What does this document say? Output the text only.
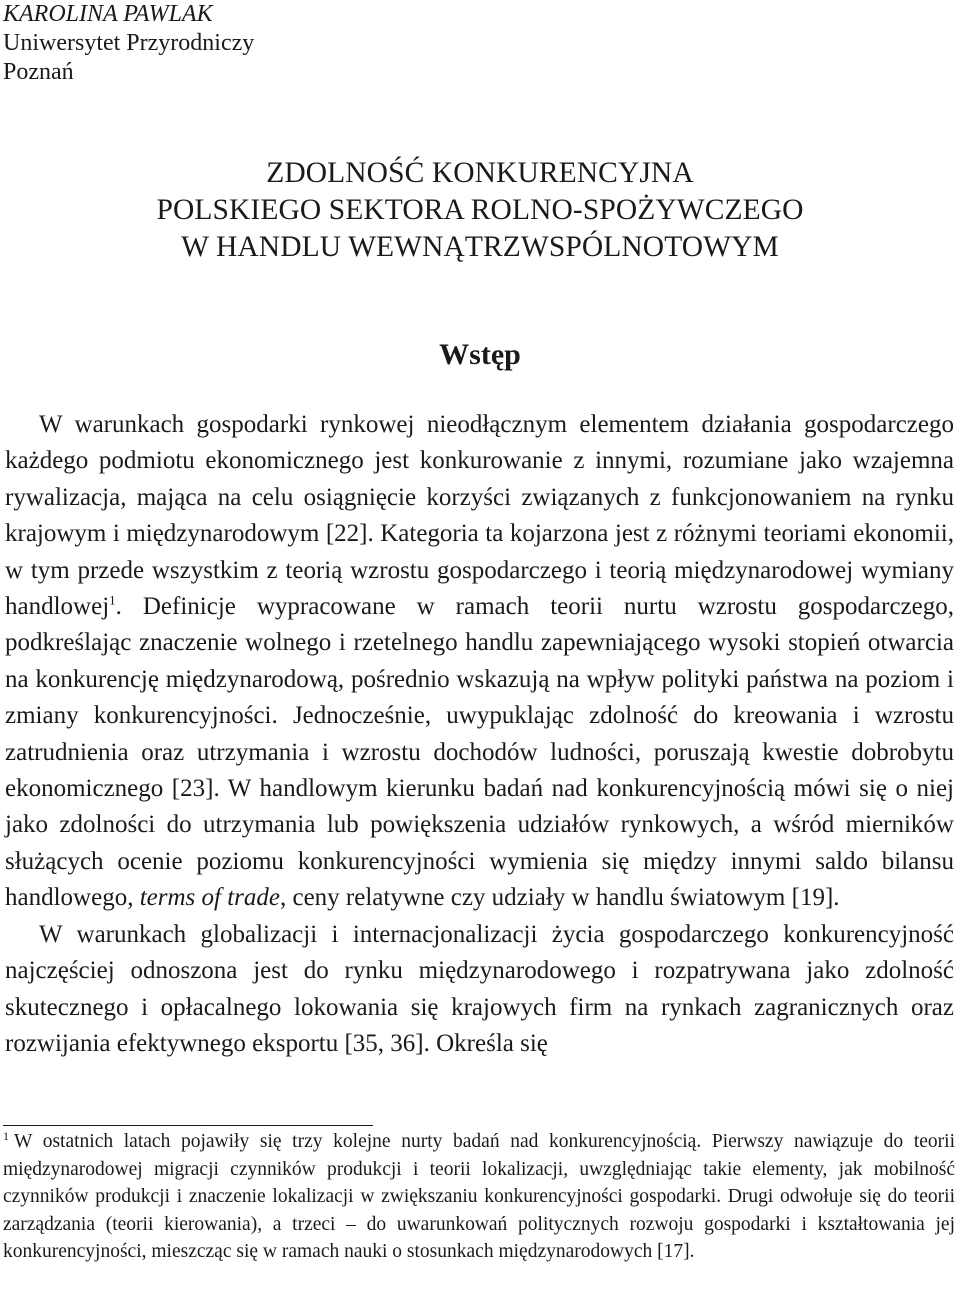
KAROLINA PAWLAK
Uniwersytet Przyrodniczy
Poznań
ZDOLNOŚĆ KONKURENCYJNA
POLSKIEGO SEKTORA ROLNO-SPOŻYWCZEGO
W HANDLU WEWNĄTRZWSPÓLNOTOWYM
Wstęp

W warunkach gospodarki rynkowej nieodłącznym elementem działania gospodarczego każdego podmiotu ekonomicznego jest konkurowanie z innymi, rozumiane jako wzajemna rywalizacja, mająca na celu osiągnięcie korzyści związanych z funkcjonowaniem na rynku krajowym i międzynarodowym [22]. Kategoria ta kojarzona jest z różnymi teoriami ekonomii, w tym przede wszystkim z teorią wzrostu gospodarczego i teorią międzynarodowej wymiany handlowej$^1$. Definicje wypracowane w ramach teorii nurtu wzrostu gospodarczego, podkreślając znaczenie wolnego i rzetelnego handlu zapewniającego wysoki stopień otwarcia na konkurencję międzynarodową, pośrednio wskazują na wpływ polityki państwa na poziom i zmiany konkurencyjności. Jednocześnie, uwypuklając zdolność do kreowania i wzrostu zatrudnienia oraz utrzymania i wzrostu dochodów ludności, poruszają kwestie dobrobytu ekonomicznego [23]. W handlowym kierunku badań nad konkurencyjnością mówi się o niej jako zdolności do utrzymania lub powiększenia udziałów rynkowych, a wśród mierników służących ocenie poziomu konkurencyjności wymienia się między innymi saldo bilansu handlowego, terms of trade, ceny relatywne czy udziały w handlu światowym [19].

W warunkach globalizacji i internacjonalizacji życia gospodarczego konkurencyjność najczęściej odnoszona jest do rynku międzynarodowego i rozpatrywana jako zdolność skutecznego i opłacalnego lokowania się krajowych firm na rynkach zagranicznych oraz rozwijania efektywnego eksportu [35, 36]. Określa się

$^1$ W ostatnich latach pojawiły się trzy kolejne nurty badań nad konkurencyjnością. Pierwszy nawiązuje do teorii międzynarodowej migracji czynników produkcji i teorii lokalizacji, uwzględniając takie elementy, jak mobilność czynników produkcji i znaczenie lokalizacji w zwiększaniu konkurencyjności gospodarki. Drugi odwołuje się do teorii zarządzania (teorii kierowania), a trzeci – do uwarunkowań politycznych rozwoju gospodarki i kształtowania jej konkurencyjności, mieszcząc się w ramach nauki o stosunkach międzynarodowych [17].
